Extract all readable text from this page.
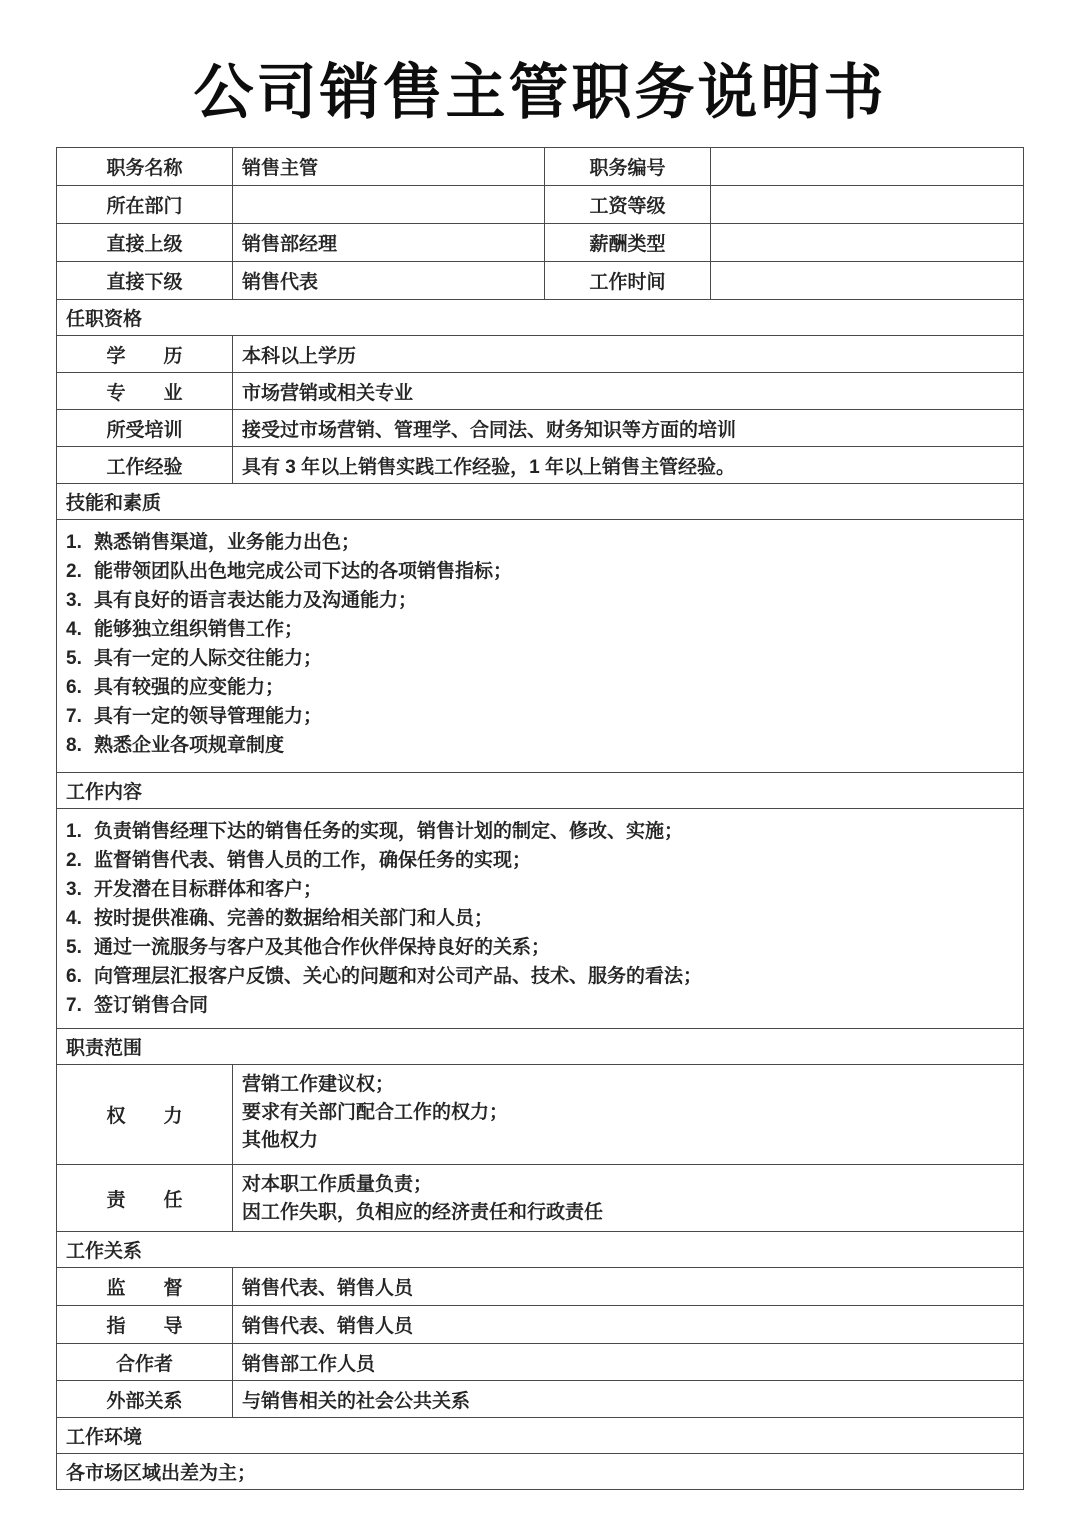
公司销售主管职务说明书
职务名称	销售主管	职务编号	
所在部门		工资等级	
直接上级	销售部经理	薪酬类型	
直接下级	销售代表	工作时间	
任职资格			
学　　历	本科以上学历		
专　　业	市场营销或相关专业		
所受培训	接受过市场营销、管理学、合同法、财务知识等方面的培训		
工作经验	具有 3 年以上销售实践工作经验，1 年以上销售主管经验。		
技能和素质			

1. 熟悉销售渠道，业务能力出色；
2. 能带领团队出色地完成公司下达的各项销售指标；
3. 具有良好的语言表达能力及沟通能力；
4. 能够独立组织销售工作；
5. 具有一定的人际交往能力；
6. 具有较强的应变能力；
7. 具有一定的领导管理能力；
8. 熟悉企业各项规章制度

工作内容			

1. 负责销售经理下达的销售任务的实现，销售计划的制定、修改、实施；
2. 监督销售代表、销售人员的工作，确保任务的实现；
3. 开发潜在目标群体和客户；
4. 按时提供准确、完善的数据给相关部门和人员；
5. 通过一流服务与客户及其他合作伙伴保持良好的关系；
6. 向管理层汇报客户反馈、关心的问题和对公司产品、技术、服务的看法；
7. 签订销售合同

职责范围			
权　　力	营销工作建议权；
要求有关部门配合工作的权力；
其他权力		

责　　任	对本职工作质量负责；
因工作失职，负相应的经济责任和行政责任		

工作关系			
监　　督	销售代表、销售人员		
指　　导	销售代表、销售人员		
合作者	销售部工作人员		
外部关系	与销售相关的社会公共关系		
工作环境			
各市场区域出差为主；			
